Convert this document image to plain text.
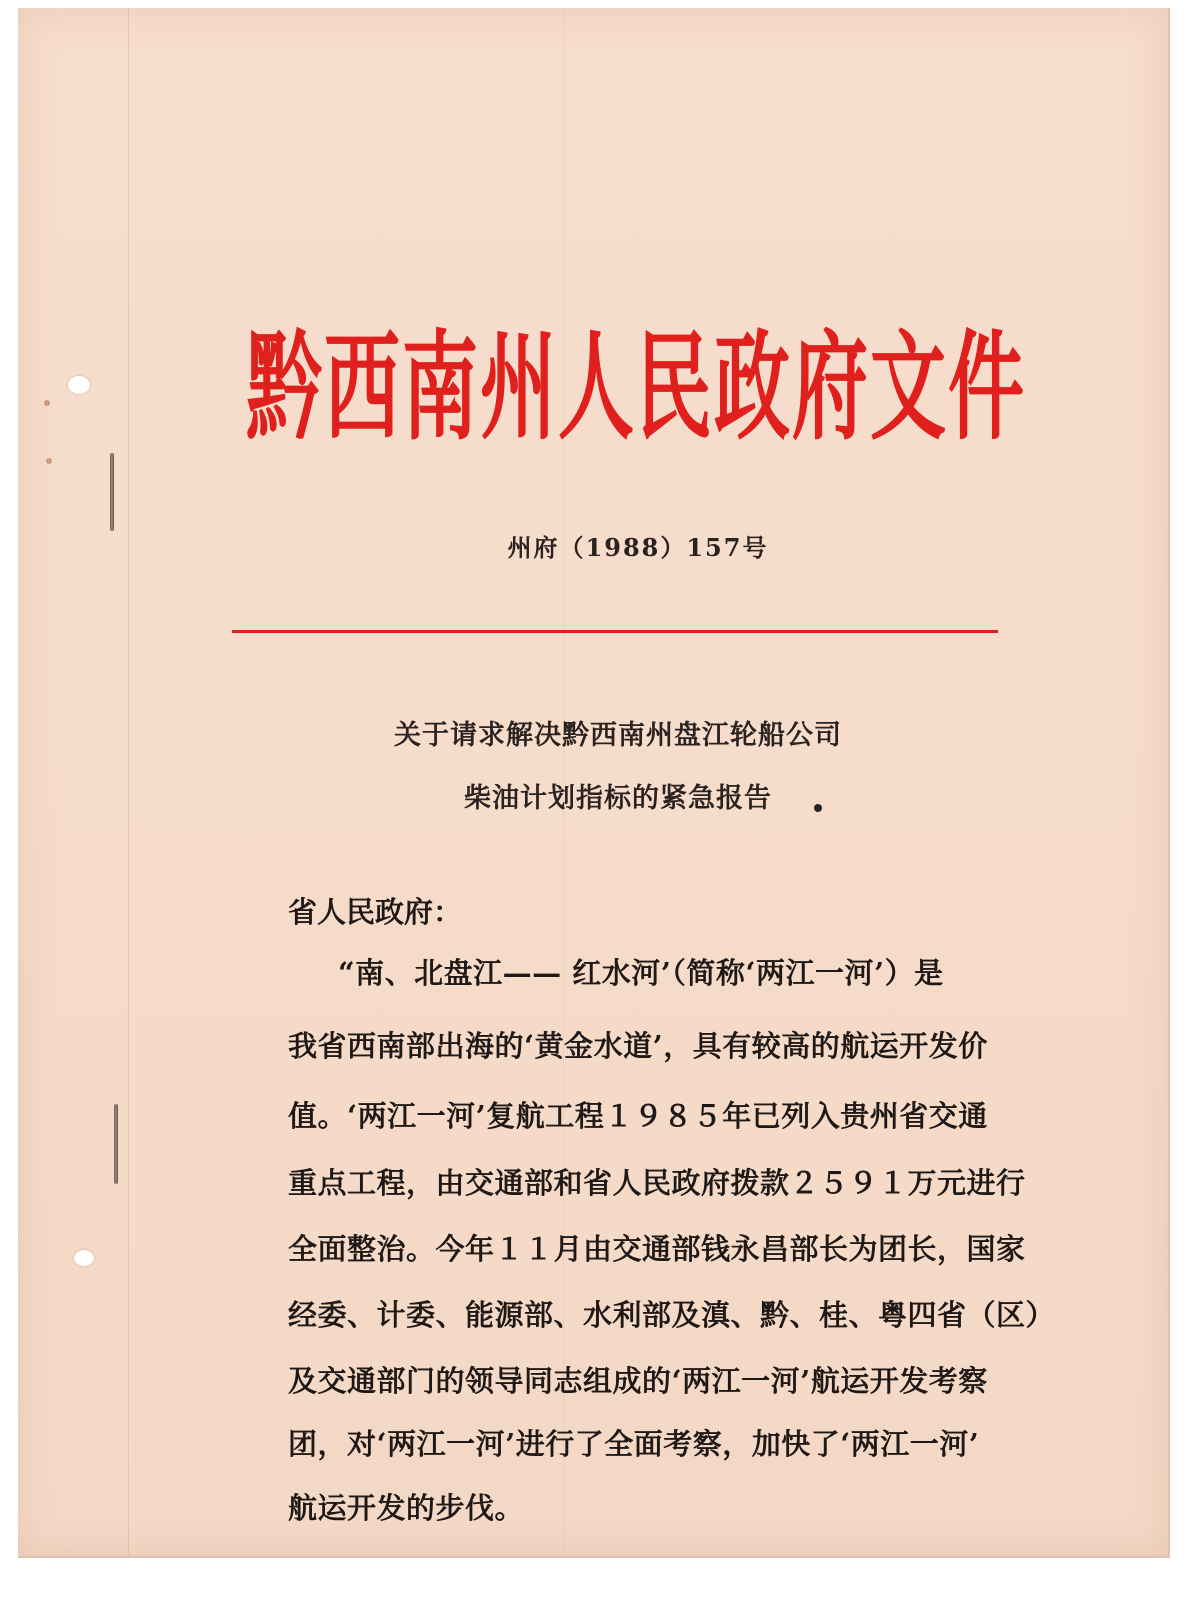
黔西南州人民政府文件
州府（1988）157号
关于请求解决黔西南州盘江轮船公司
柴油计划指标的紧急报告
省人民政府：
“南、北盘江—— 红水河’（简称‘两江一河’）是
我省西南部出海的‘黄金水道’，具有较高的航运开发价
值。‘两江一河’复航工程１９８５年已列入贵州省交通
重点工程，由交通部和省人民政府拨款２５９１万元进行
全面整治。今年１１月由交通部钱永昌部长为团长，国家
经委、计委、能源部、水利部及滇、黔、桂、粤四省（区）
及交通部门的领导同志组成的‘两江一河’航运开发考察
团，对‘两江一河’进行了全面考察，加快了‘两江一河’
航运开发的步伐。
